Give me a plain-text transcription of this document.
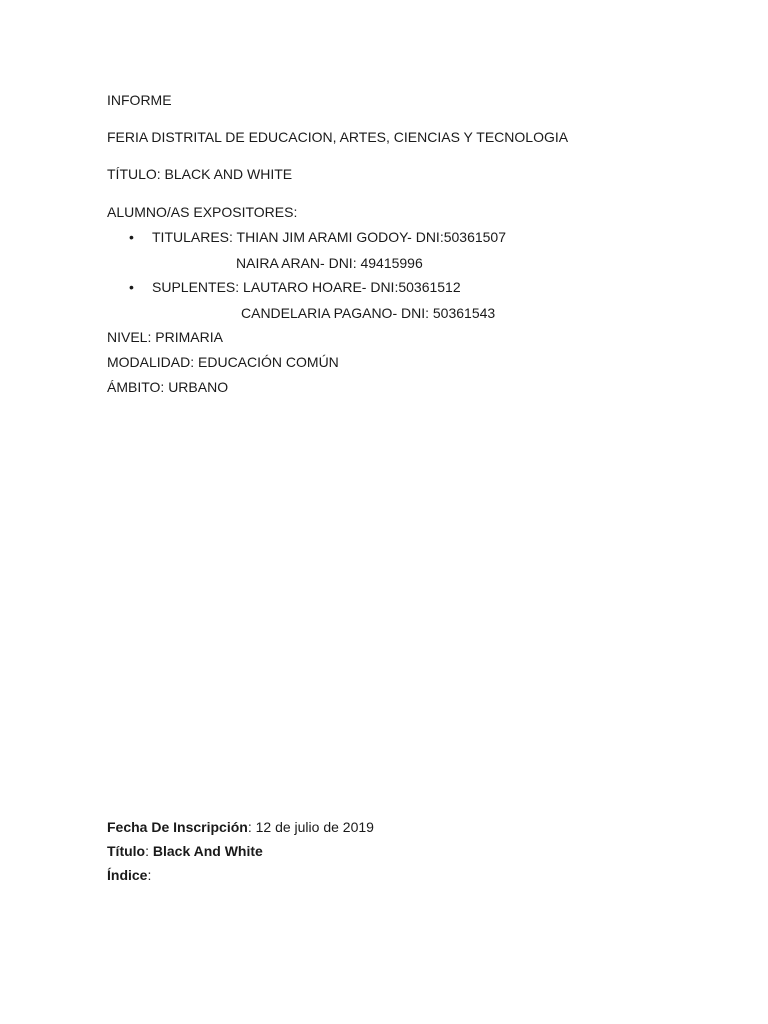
INFORME
FERIA DISTRITAL DE EDUCACION, ARTES, CIENCIAS Y TECNOLOGIA
TÍTULO: BLACK AND WHITE
ALUMNO/AS EXPOSITORES:
• TITULARES: THIAN JIM ARAMI GODOY- DNI:50361507
NAIRA ARAN- DNI: 49415996
• SUPLENTES: LAUTARO HOARE- DNI:50361512
CANDELARIA PAGANO- DNI: 50361543
NIVEL: PRIMARIA
MODALIDAD: EDUCACIÓN COMÚN
ÁMBITO: URBANO
Fecha De Inscripción: 12 de julio de 2019
Título: Black And White
Índice:
